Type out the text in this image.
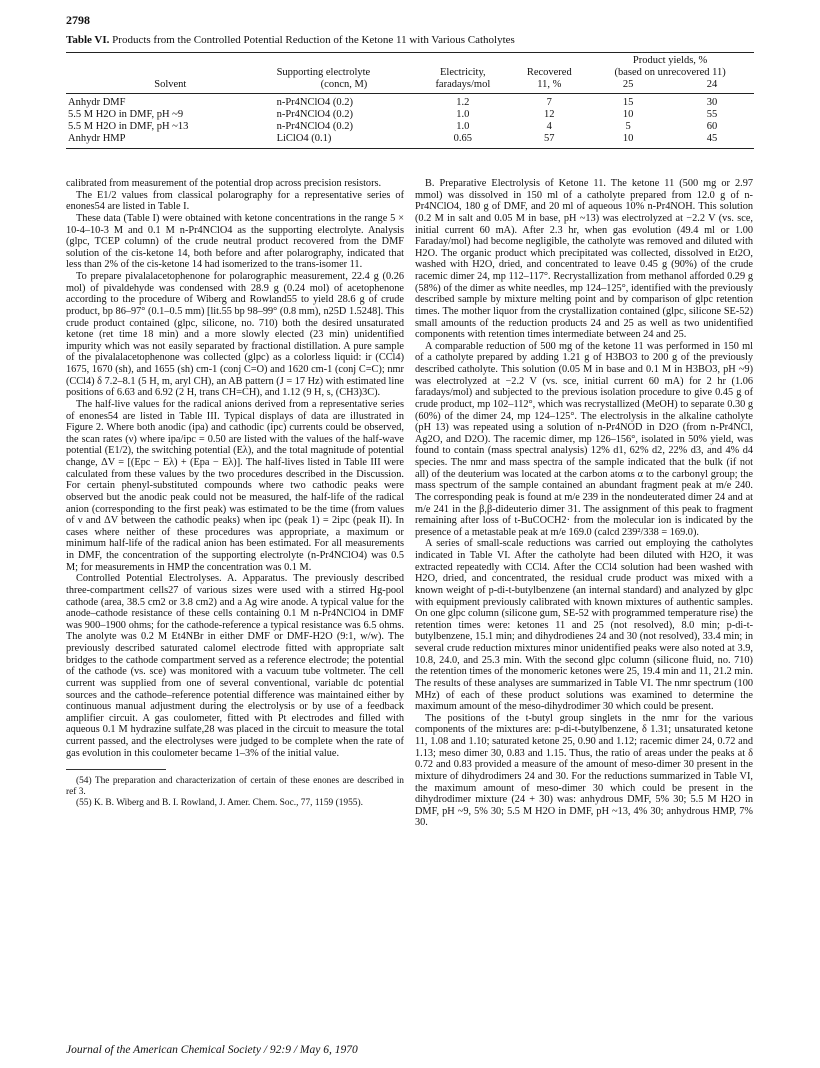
2798
Table VI. Products from the Controlled Potential Reduction of the Ketone 11 with Various Catholytes
				Product yields, %	
	Supporting electrolyte	Electricity,	Recovered	(based on unrecovered 11)	
Solvent	(concn, M)	faradays/mol	11, %	25	24
Anhydr DMF	n-Pr4NClO4 (0.2)	1.2	7	15	30
5.5 M H2O in DMF, pH ~9	n-Pr4NClO4 (0.2)	1.0	12	10	55
5.5 M H2O in DMF, pH ~13	n-Pr4NClO4 (0.2)	1.0	4	5	60
Anhydr HMP	LiClO4 (0.1)	0.65	57	10	45

calibrated from measurement of the potential drop across precision resistors.

The E1/2 values from classical polarography for a representative series of enones54 are listed in Table I.

These data (Table I) were obtained with ketone concentrations in the range 5 × 10-4–10-3 M and 0.1 M n-Pr4NClO4 as the supporting electrolyte. Analysis (glpc, TCEP column) of the crude neutral product recovered from the DMF solution of the cis-ketone 14, both before and after polarography, indicated that less than 2% of the cis-ketone 14 had isomerized to the trans-isomer 11.

To prepare pivalalacetophenone for polarographic measurement, 22.4 g (0.26 mol) of pivaldehyde was condensed with 28.9 g (0.24 mol) of acetophenone according to the procedure of Wiberg and Rowland55 to yield 28.6 g of crude product, bp 86–97° (0.1–0.5 mm) [lit.55 bp 98–99° (0.8 mm), n25D 1.5248]. This crude product contained (glpc, silicone, no. 710) both the desired unsaturated ketone (ret time 18 min) and a more slowly elected (23 min) unidentified impurity which was not easily separated by fractional distillation. A pure sample of the pivalalacetophenone was collected (glpc) as a colorless liquid: ir (CCl4) 1675, 1670 (sh), and 1655 (sh) cm-1 (conj C=O) and 1620 cm-1 (conj C=C); nmr (CCl4) δ 7.2–8.1 (5 H, m, aryl CH), an AB pattern (J = 17 Hz) with estimated line positions of 6.63 and 6.92 (2 H, trans CH=CH), and 1.12 (9 H, s, (CH3)3C).

The half-live values for the radical anions derived from a representative series of enones54 are listed in Table III. Typical displays of data are illustrated in Figure 2. Where both anodic (ipa) and cathodic (ipc) currents could be observed, the scan rates (ν) where ipa/ipc = 0.50 are listed with the values of the half-wave potential (E1/2), the switching potential (Eλ), and the total magnitude of potential change, ΔV = [(Epc − Eλ) + (Epa − Eλ)]. The half-lives listed in Table III were calculated from these values by the two procedures described in the Discussion. For certain phenyl-substituted compounds where two cathodic peaks were observed but the anodic peak could not be measured, the half-life of the radical anion (corresponding to the first peak) was estimated to be the time (from values of ν and ΔV between the cathodic peaks) when ipc (peak 1) = 2ipc (peak II). In cases where neither of these procedures was appropriate, a maximum or minimum half-life of the radical anion has been estimated. For all measurements in DMF, the concentration of the supporting electrolyte (n-Pr4NClO4) was 0.5 M; for measurements in HMP the concentration was 0.1 M.

Controlled Potential Electrolyses. A. Apparatus. The previously described three-compartment cells27 of various sizes were used with a stirred Hg-pool cathode (area, 38.5 cm2 or 3.8 cm2) and a Ag wire anode. A typical value for the anode–cathode resistance of these cells containing 0.1 M n-Pr4NClO4 in DMF was 900–1900 ohms; for the cathode-reference a typical resistance was 6.5 ohms. The anolyte was 0.2 M Et4NBr in either DMF or DMF-H2O (9:1, w/w). The previously described saturated calomel electrode fitted with appropriate salt bridges to the cathode compartment served as a reference electrode; the potential of the cathode (vs. sce) was monitored with a vacuum tube voltmeter. The cell current was supplied from one of several conventional, variable dc potential sources and the cathode–reference potential difference was maintained either by continuous manual adjustment during the electrolysis or by use of a feedback amplifier circuit. A gas coulometer, fitted with Pt electrodes and filled with aqueous 0.1 M hydrazine sulfate,28 was placed in the circuit to measure the total current passed, and the electrolyses were judged to be complete when the rate of gas evolution in this coulometer became 1–3% of the initial value.

(54) The preparation and characterization of certain of these enones are described in ref 3.

(55) K. B. Wiberg and B. I. Rowland, J. Amer. Chem. Soc., 77, 1159 (1955).

B. Preparative Electrolysis of Ketone 11. The ketone 11 (500 mg or 2.97 mmol) was dissolved in 150 ml of a catholyte prepared from 12.0 g of n-Pr4NClO4, 180 g of DMF, and 20 ml of aqueous 10% n-Pr4NOH. This solution (0.2 M in salt and 0.05 M in base, pH ~13) was electrolyzed at −2.2 V (vs. sce, initial current 60 mA). After 2.3 hr, when gas evolution (49.4 ml or 1.00 Faraday/mol) had become negligible, the catholyte was removed and diluted with H2O. The organic product which precipitated was collected, dissolved in Et2O, washed with H2O, dried, and concentrated to leave 0.45 g (90%) of the crude racemic dimer 24, mp 112–117°. Recrystallization from methanol afforded 0.29 g (58%) of the dimer as white needles, mp 124–125°, identified with the previously described sample by mixture melting point and by comparison of glpc retention times. The mother liquor from the crystallization contained (glpc, silicone SE-52) small amounts of the reduction products 24 and 25 as well as two unidentified components with retention times intermediate between 24 and 25.

A comparable reduction of 500 mg of the ketone 11 was performed in 150 ml of a catholyte prepared by adding 1.21 g of H3BO3 to 200 g of the previously described catholyte. This solution (0.05 M in base and 0.1 M in H3BO3, pH ~9) was electrolyzed at −2.2 V (vs. sce, initial current 60 mA) for 2 hr (1.06 faradays/mol) and subjected to the previous isolation procedure to give 0.45 g of crude product, mp 102–112°, which was recrystallized (MeOH) to separate 0.30 g (60%) of the dimer 24, mp 124–125°. The electrolysis in the alkaline catholyte (pH 13) was repeated using a solution of n-Pr4NOD in D2O (from n-Pr4NCl, Ag2O, and D2O). The racemic dimer, mp 126–156°, isolated in 50% yield, was found to contain (mass spectral analysis) 12% d1, 62% d2, 22% d3, and 4% d4 species. The nmr and mass spectra of the sample indicated that the bulk (if not all) of the deuterium was located at the carbon atoms α to the carbonyl group; the mass spectrum of the sample contained an abundant fragment peak at m/e 240. The corresponding peak is found at m/e 239 in the nondeuterated dimer 24 and at m/e 241 in the β,β-dideuterio dimer 31. The assignment of this peak to fragment remaining after loss of t-BuCOCH2· from the molecular ion is indicated by the presence of a metastable peak at m/e 169.0 (calcd 239²/338 = 169.0).

A series of small-scale reductions was carried out employing the catholytes indicated in Table VI. After the catholyte had been diluted with H2O, it was extracted repeatedly with CCl4. After the CCl4 solution had been washed with H2O, dried, and concentrated, the residual crude product was mixed with a known weight of p-di-t-butylbenzene (an internal standard) and analyzed by glpc with equipment previously calibrated with known mixtures of authentic samples. On one glpc column (silicone gum, SE-52 with programmed temperature rise) the retention times were: ketones 11 and 25 (not resolved), 8.0 min; p-di-t-butylbenzene, 15.1 min; and dihydrodienes 24 and 30 (not resolved), 33.4 min; in several crude reduction mixtures minor unidentified peaks were also noted at 3.9, 10.8, 24.0, and 25.3 min. With the second glpc column (silicone fluid, no. 710) the retention times of the monomeric ketones were 25, 19.4 min and 11, 21.2 min. The results of these analyses are summarized in Table VI. The nmr spectrum (100 MHz) of each of these product solutions was examined to determine the maximum amount of the meso-dihydrodimer 30 which could be present.

The positions of the t-butyl group singlets in the nmr for the various components of the mixtures are: p-di-t-butylbenzene, δ 1.31; unsaturated ketone 11, 1.08 and 1.10; saturated ketone 25, 0.90 and 1.12; racemic dimer 24, 0.72 and 1.13; meso dimer 30, 0.83 and 1.15. Thus, the ratio of areas under the peaks at δ 0.72 and 0.83 provided a measure of the amount of meso-dimer 30 present in the mixture of dihydrodimers 24 and 30. For the reductions summarized in Table VI, the maximum amount of meso-dimer 30 which could be present in the dihydrodimer mixture (24 + 30) was: anhydrous DMF, 5% 30; 5.5 M H2O in DMF, pH ~9, 5% 30; 5.5 M H2O in DMF, pH ~13, 4% 30; anhydrous HMP, 7% 30.

Journal of the American Chemical Society / 92:9 / May 6, 1970
